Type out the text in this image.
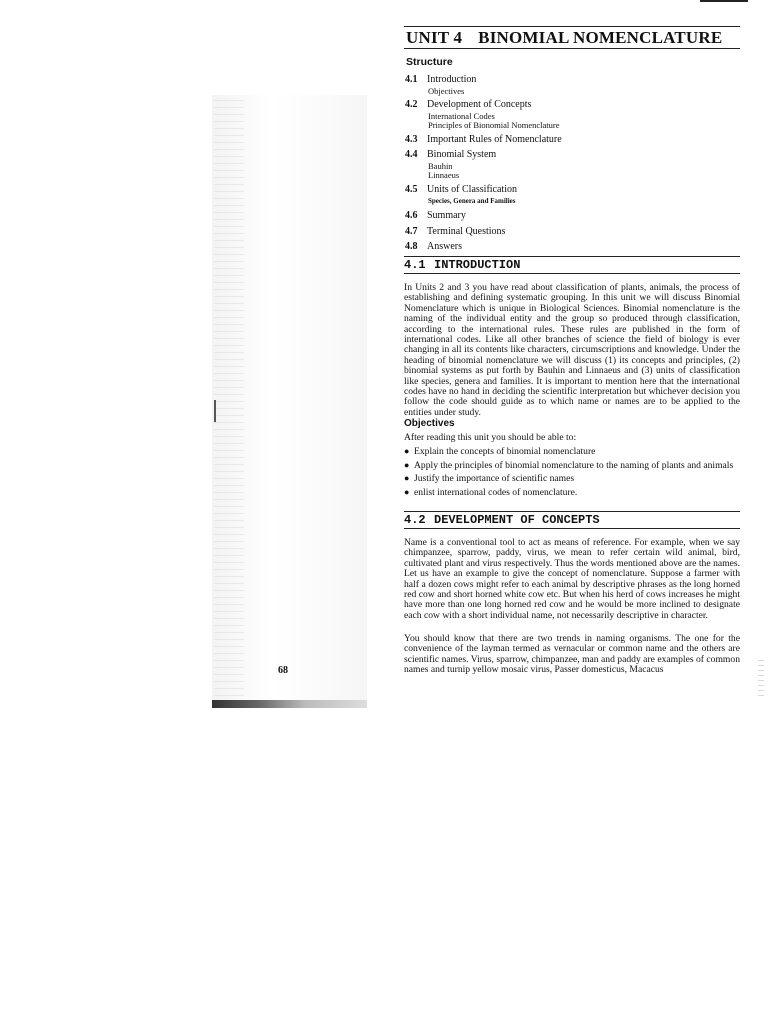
68
UNIT 4 BINOMIAL NOMENCLATURE
Structure
4.1 Introduction
Objectives
4.2 Development of Concepts
International Codes
Principles of Bionomial Nomenclature
4.3 Important Rules of Nomenclature
4.4 Binomial System
Bauhin
Linnaeus
4.5 Units of Classification
Species, Genera and Families
4.6 Summary
4.7 Terminal Questions
4.8 Answers
4.1 INTRODUCTION
In Units 2 and 3 you have read about classification of plants, animals, the process of establishing and defining systematic grouping. In this unit we will discuss Binomial Nomenclature which is unique in Biological Sciences. Binomial nomenclature is the naming of the individual entity and the group so produced through classification, according to the international rules. These rules are published in the form of international codes. Like all other branches of science the field of biology is ever changing in all its contents like characters, circumscriptions and knowledge. Under the heading of binomial nomenclature we will discuss (1) its concepts and principles, (2) binomial systems as put forth by Bauhin and Linnaeus and (3) units of classification like species, genera and families. It is important to mention here that the international codes have no hand in deciding the scientific interpretation but whichever decision you follow the code should guide as to which name or names are to be applied to the entities under study.
Objectives
After reading this unit you should be able to:
● Explain the concepts of binomial nomenclature
● Apply the principles of binomial nomenclature to the naming of plants and animals
● Justify the importance of scientific names
● enlist international codes of nomenclature.
4.2 DEVELOPMENT OF CONCEPTS
Name is a conventional tool to act as means of reference. For example, when we say chimpanzee, sparrow, paddy, virus, we mean to refer certain wild animal, bird, cultivated plant and virus respectively. Thus the words mentioned above are the names. Let us have an example to give the concept of nomenclature. Suppose a farmer with half a dozen cows might refer to each animal by descriptive phrases as the long horned red cow and short horned white cow etc. But when his herd of cows increases he might have more than one long horned red cow and he would be more inclined to designate each cow with a short individual name, not necessarily descriptive in character.
You should know that there are two trends in naming organisms. The one for the convenience of the layman termed as vernacular or common name and the others are scientific names. Virus, sparrow, chimpanzee, man and paddy are examples of common names and turnip yellow mosaic virus, Passer domesticus, Macacus
